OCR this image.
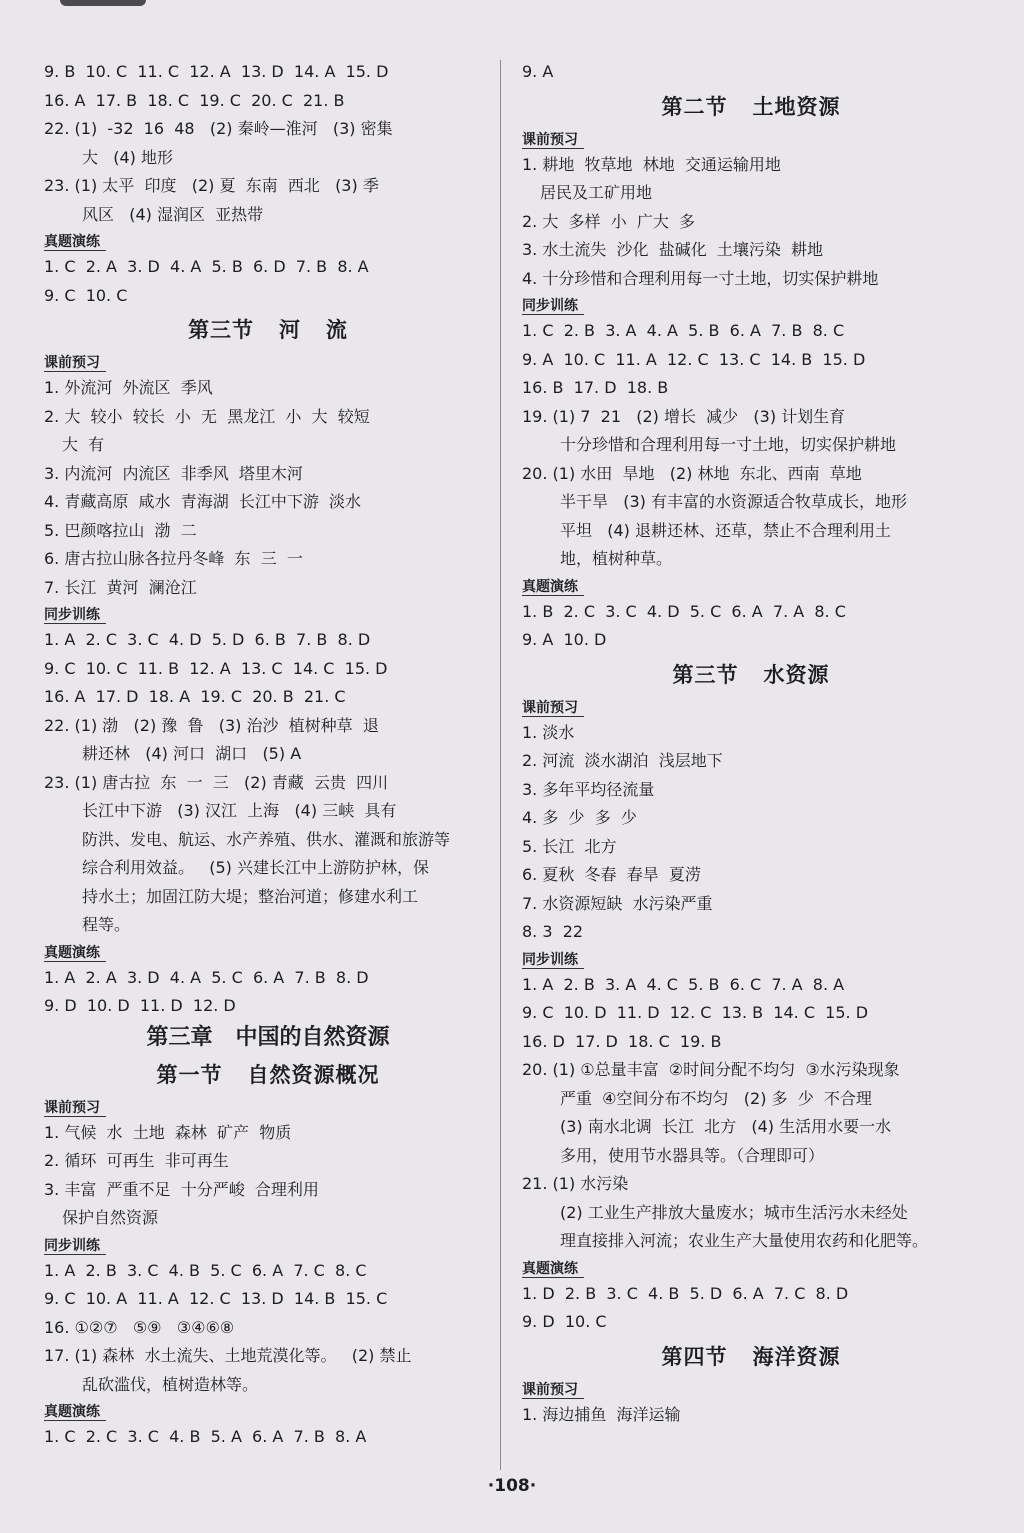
9. B  10. C  11. C  12. A  13. D  14. A  15. D
16. A  17. B  18. C  19. C  20. C  21. B
22. (1)  -32  16  48   (2) 秦岭—淮河   (3) 密集
大   (4) 地形
23. (1) 太平  印度   (2) 夏  东南  西北   (3) 季
风区   (4) 湿润区  亚热带
真题演练
1. C  2. A  3. D  4. A  5. B  6. D  7. B  8. A
9. C  10. C
第三节   河   流
课前预习
1. 外流河  外流区  季风
2. 大  较小  较长  小  无  黑龙江  小  大  较短
大  有
3. 内流河  内流区  非季风  塔里木河
4. 青藏高原  咸水  青海湖  长江中下游  淡水
5. 巴颜喀拉山  渤  二
6. 唐古拉山脉各拉丹冬峰  东  三  一
7. 长江  黄河  澜沧江
同步训练
1. A  2. C  3. C  4. D  5. D  6. B  7. B  8. D
9. C  10. C  11. B  12. A  13. C  14. C  15. D
16. A  17. D  18. A  19. C  20. B  21. C
22. (1) 渤   (2) 豫  鲁   (3) 治沙  植树种草  退
耕还林   (4) 河口  湖口   (5) A
23. (1) 唐古拉  东  一  三   (2) 青藏  云贵  四川
长江中下游   (3) 汉江  上海   (4) 三峡  具有
防洪、发电、航运、水产养殖、供水、灌溉和旅游等
综合利用效益。   (5) 兴建长江中上游防护林，保
持水土；加固江防大堤；整治河道；修建水利工
程等。
真题演练
1. A  2. A  3. D  4. A  5. C  6. A  7. B  8. D
9. D  10. D  11. D  12. D
第三章   中国的自然资源
第一节   自然资源概况
课前预习
1. 气候  水  土地  森林  矿产  物质
2. 循环  可再生  非可再生
3. 丰富  严重不足  十分严峻  合理利用
保护自然资源
同步训练
1. A  2. B  3. C  4. B  5. C  6. A  7. C  8. C
9. C  10. A  11. A  12. C  13. D  14. B  15. C
16. ①②⑦   ⑤⑨   ③④⑥⑧
17. (1) 森林  水土流失、土地荒漠化等。   (2) 禁止
乱砍滥伐，植树造林等。
真题演练
1. C  2. C  3. C  4. B  5. A  6. A  7. B  8. A
9. A
第二节   土地资源
课前预习
1. 耕地  牧草地  林地  交通运输用地
居民及工矿用地
2. 大  多样  小  广大  多
3. 水土流失  沙化  盐碱化  土壤污染  耕地
4. 十分珍惜和合理利用每一寸土地，切实保护耕地
同步训练
1. C  2. B  3. A  4. A  5. B  6. A  7. B  8. C
9. A  10. C  11. A  12. C  13. C  14. B  15. D
16. B  17. D  18. B
19. (1) 7  21   (2) 增长  减少   (3) 计划生育
十分珍惜和合理利用每一寸土地，切实保护耕地
20. (1) 水田  旱地   (2) 林地  东北、西南  草地
半干旱   (3) 有丰富的水资源适合牧草成长，地形
平坦   (4) 退耕还林、还草，禁止不合理利用土
地，植树种草。
真题演练
1. B  2. C  3. C  4. D  5. C  6. A  7. A  8. C
9. A  10. D
第三节   水资源
课前预习
1. 淡水
2. 河流  淡水湖泊  浅层地下
3. 多年平均径流量
4. 多  少  多  少
5. 长江  北方
6. 夏秋  冬春  春旱  夏涝
7. 水资源短缺  水污染严重
8. 3  22
同步训练
1. A  2. B  3. A  4. C  5. B  6. C  7. A  8. A
9. C  10. D  11. D  12. C  13. B  14. C  15. D
16. D  17. D  18. C  19. B
20. (1) ①总量丰富  ②时间分配不均匀  ③水污染现象
严重  ④空间分布不均匀   (2) 多  少  不合理
(3) 南水北调  长江  北方   (4) 生活用水要一水
多用，使用节水器具等。（合理即可）
21. (1) 水污染
(2) 工业生产排放大量废水；城市生活污水未经处
理直接排入河流；农业生产大量使用农药和化肥等。
真题演练
1. D  2. B  3. C  4. B  5. D  6. A  7. C  8. D
9. D  10. C
第四节   海洋资源
课前预习
1. 海边捕鱼  海洋运输
·108·
